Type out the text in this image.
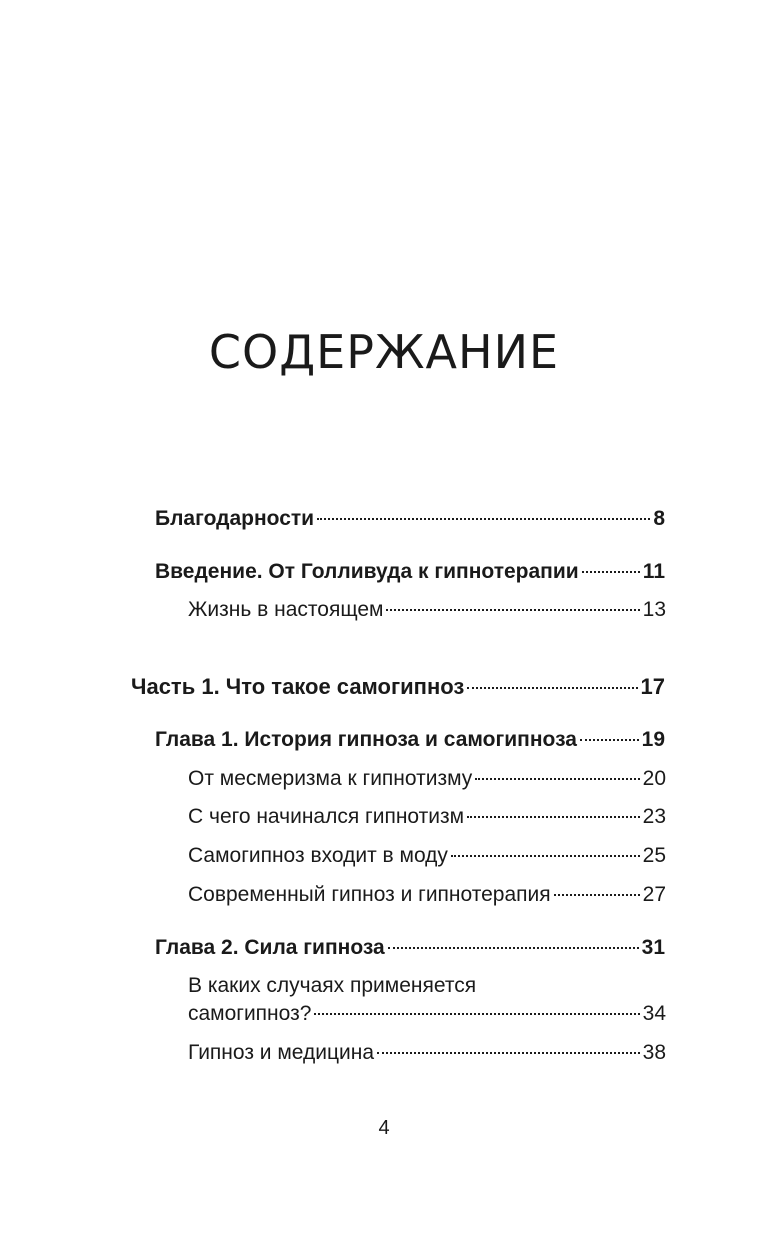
СОДЕРЖАНИЕ
Благодарности	8
Введение. От Голливуда к гипнотерапии	11
Жизнь в настоящем	13
Часть 1. Что такое самогипноз	17
Глава 1. История гипноза и самогипноза	19
От месмеризма к гипнотизму	20
С чего начинался гипнотизм	23
Самогипноз входит в моду	25
Современный гипноз и гипнотерапия	27
Глава 2. Сила гипноза	31
В каких случаях применяется
самогипноз?	34
Гипноз и медицина	38
4
